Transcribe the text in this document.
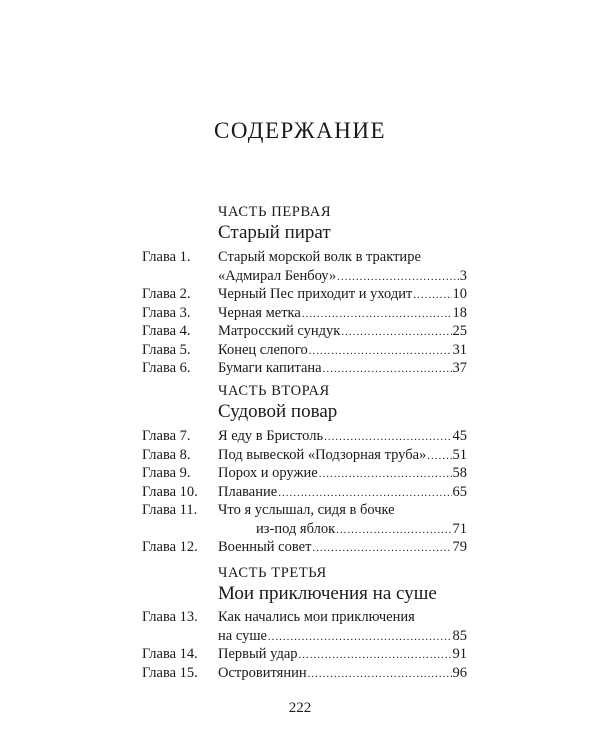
СОДЕРЖАНИЕ
ЧАСТЬ ПЕРВАЯ
Старый пират
Глава 1.	Старый морской волк в трактире
«Адмирал Бенбоу» .....	3
Глава 2.	Черный Пес приходит и уходит .....	10
Глава 3.	Черная метка .....	18
Глава 4.	Матросский сундук .....	25
Глава 5.	Конец слепого .....	31
Глава 6.	Бумаги капитана .....	37
ЧАСТЬ ВТОРАЯ
Судовой повар
Глава 7.	Я еду в Бристоль .....	45
Глава 8.	Под вывеской «Подзорная труба» ..... 51
Глава 9.	Порох и оружие .....	58
Глава 10.	Плавание .....	65
Глава 11.	Что я услышал, сидя в бочке
из-под яблок .....	71
Глава 12.	Военный совет .....	79
ЧАСТЬ ТРЕТЬЯ
Мои приключения на суше
Глава 13.	Как начались мои приключения
на суше .....	85
Глава 14.	Первый удар .....	91
Глава 15.	Островитянин .....	96
222
